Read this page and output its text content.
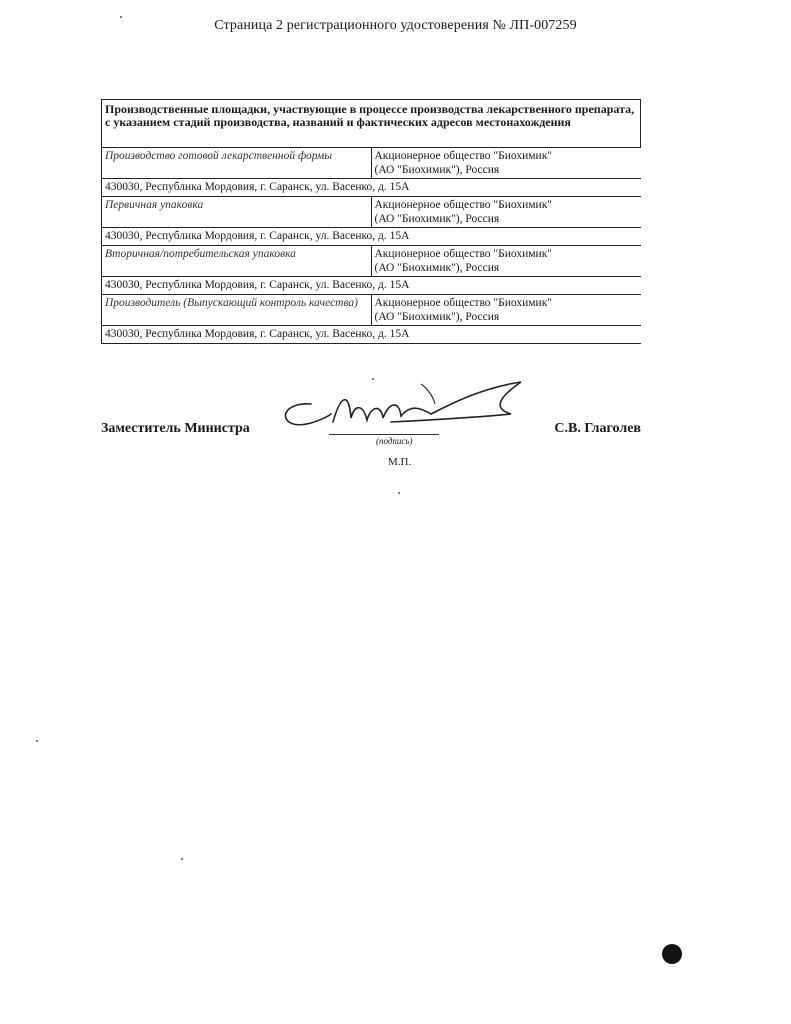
Страница 2 регистрационного удостоверения № ЛП-007259
Производственные площадки, участвующие в процессе производства лекарственного препарата, с указанием стадий производства, названий и фактических адресов местонахождения	
Производство готовой лекарственной формы	Акционерное общество "Биохимик"
(АО "Биохимик"), Россия

430030, Республика Мордовия, г. Саранск, ул. Васенко, д. 15А	
Первичная упаковка	Акционерное общество "Биохимик"
(АО "Биохимик"), Россия

430030, Республика Мордовия, г. Саранск, ул. Васенко, д. 15А	
Вторичная/потребительская упаковка	Акционерное общество "Биохимик"
(АО "Биохимик"), Россия

430030, Республика Мордовия, г. Саранск, ул. Васенко, д. 15А	
Производитель (Выпускающий контроль качества)	Акционерное общество "Биохимик"
(АО "Биохимик"), Россия

430030, Республика Мордовия, г. Саранск, ул. Васенко, д. 15А	
Заместитель Министра
(подпись)
М.П.
С.В. Глаголев
